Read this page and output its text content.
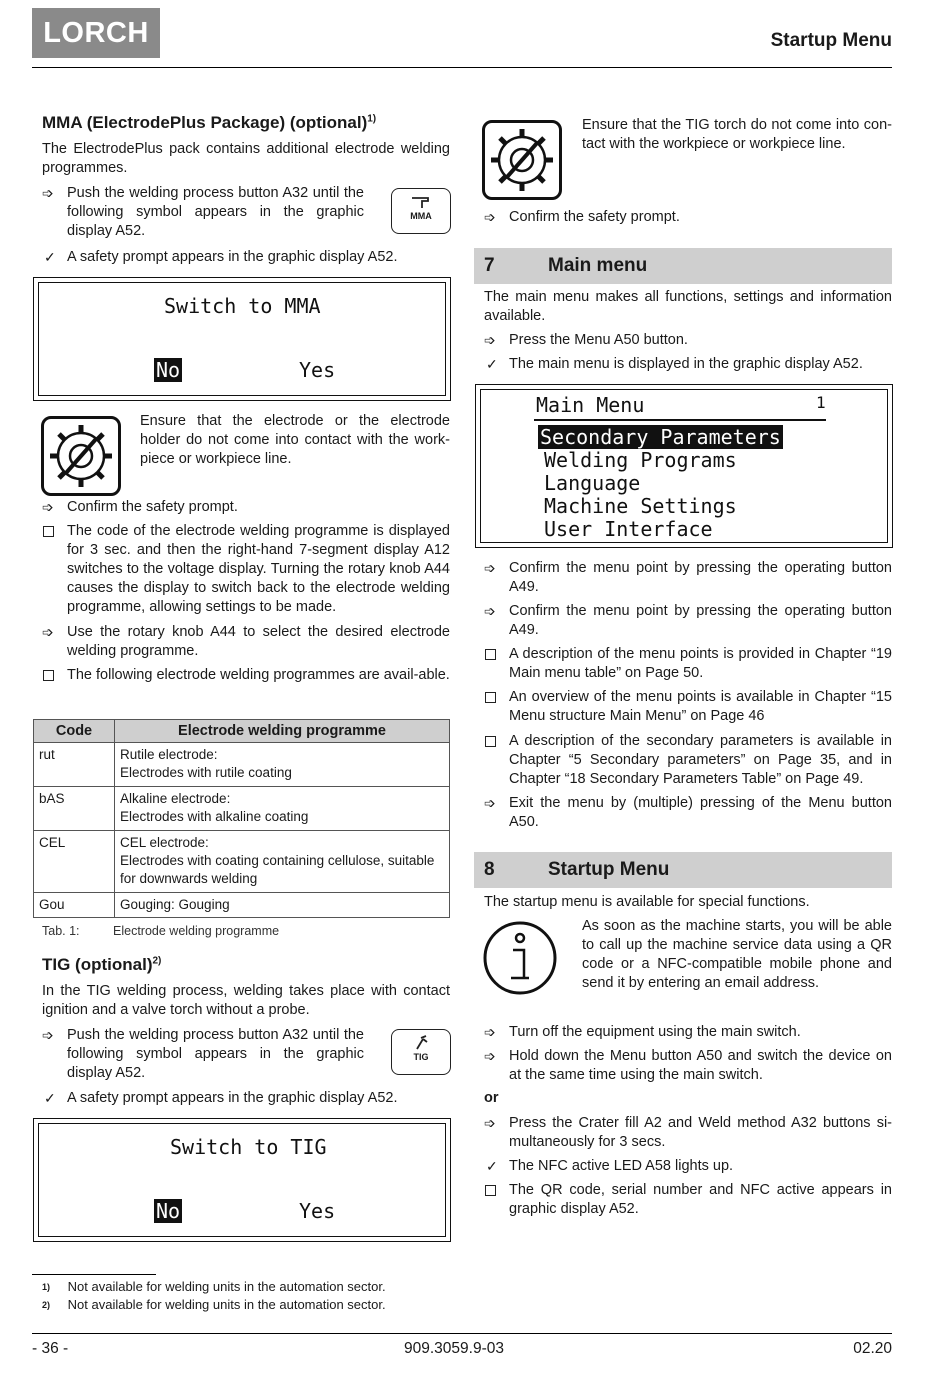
LORCH	Startup Menu
MMA (ElectrodePlus Package) (optional)$^{1)}$

The ElectrodePlus pack contains additional electrode welding programmes.

➩ Push the welding process button A32 until the following symbol appears in the graphic display A52.
MMA
✓ A safety prompt appears in the graphic display A52.
Switch to MMA
No	Yes

Ensure that the electrode or the electrode holder do not come into contact with the work-piece or workpiece line.

➩ Confirm the safety prompt.
The code of the electrode welding programme is displayed for 3 sec. and then the right-hand 7-segment display A12 switches to the voltage display. Turning the rotary knob A44 causes the display to switch back to the electrode welding programme, allowing settings to be made.
➩ Use the rotary knob A44 to select the desired electrode welding programme.
The following electrode welding programmes are avail-able.
Code	Electrode welding programme
rut	Rutile electrode:
Electrodes with rutile coating

bAS	Alkaline electrode:
Electrodes with alkaline coating

CEL	CEL electrode:
Electrodes with coating containing cellulose, suitable for downwards welding

Gou	Gouging: Gouging
Tab. 1:	Electrode welding programme
TIG (optional)$^{2)}$

In the TIG welding process, welding takes place with contact ignition and a valve torch without a probe.

➩ Push the welding process button A32 until the following symbol appears in the graphic display A52.
TIG
✓ A safety prompt appears in the graphic display A52.
Switch to TIG
No	Yes
$^{1)}$ Not available for welding units in the automation sector.
$^{2)}$ Not available for welding units in the automation sector.

Ensure that the TIG torch do not come into con-tact with the workpiece or workpiece line.

➩ Confirm the safety prompt.
7	Main menu

The main menu makes all functions, settings and information available.

➩ Press the Menu A50 button.
✓ The main menu is displayed in the graphic display A52.
Main Menu	1
Secondary Parameters
Welding Programs
Language
Machine Settings
User Interface
➩ Confirm the menu point by pressing the operating button A49.
➩ Confirm the menu point by pressing the operating button A49.
A description of the menu points is provided in Chapter “19 Main menu table” on Page 50.
An overview of the menu points is available in Chapter “15 Menu structure Main Menu” on Page 46
A description of the secondary parameters is available in Chapter “5 Secondary parameters” on Page 35, and in Chapter “18 Secondary Parameters Table” on Page 49.
➩ Exit the menu by (multiple) pressing of the Menu button A50.
8	Startup Menu

The startup menu is available for special functions.

As soon as the machine starts, you will be able to call up the machine service data using a QR code or a NFC-compatible mobile phone and send it by entering an email address.

➩ Turn off the equipment using the main switch.
➩ Hold down the Menu button A50 and switch the device on at the same time using the main switch.
or
➩ Press the Crater fill A2 and Weld method A32 buttons si-multaneously for 3 secs.
✓ The NFC active LED A58 lights up.
The QR code, serial number and NFC active appears in graphic display A52.
- 36 -	909.3059.9-03	02.20
